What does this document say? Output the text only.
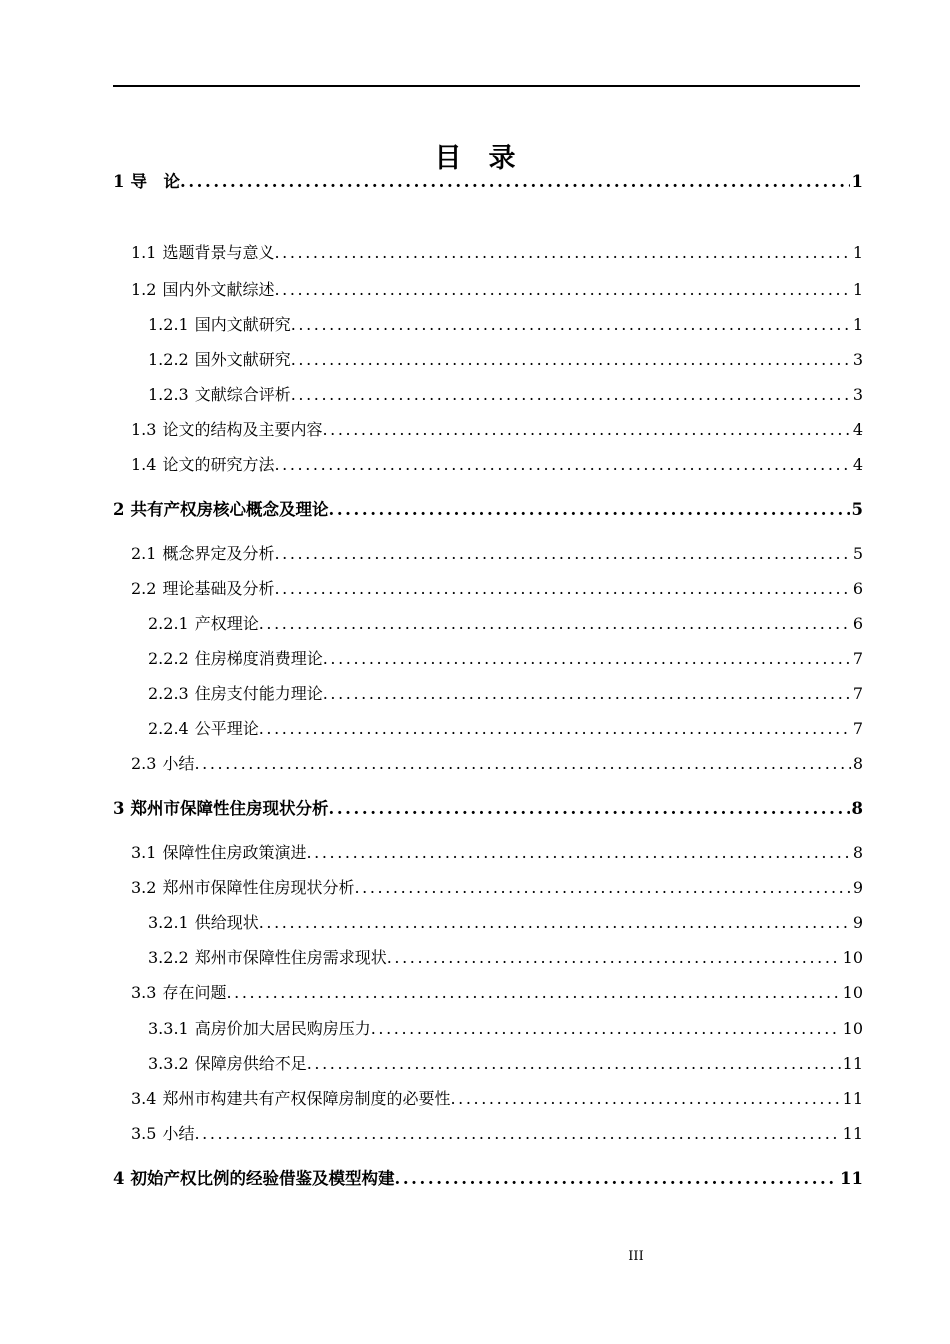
目　录
1 导　论 .....	1
1.1 选题背景与意义 .....	1
1.2 国内外文献综述 .....	1
1.2.1 国内文献研究 .....	1
1.2.2 国外文献研究 .....	3
1.2.3 文献综合评析 .....	3
1.3 论文的结构及主要内容 .....	4
1.4 论文的研究方法 .....	4
2 共有产权房核心概念及理论 .....	5
2.1 概念界定及分析 .....	5
2.2 理论基础及分析 .....	6
2.2.1 产权理论 .....	6
2.2.2 住房梯度消费理论 .....	7
2.2.3 住房支付能力理论 .....	7
2.2.4 公平理论 .....	7
2.3 小结 .....	8
3 郑州市保障性住房现状分析 .....	8
3.1 保障性住房政策演进 .....	8
3.2 郑州市保障性住房现状分析 .....	9
3.2.1 供给现状 .....	9
3.2.2 郑州市保障性住房需求现状 .....	10
3.3 存在问题 .....	10
3.3.1 高房价加大居民购房压力 .....	10
3.3.2 保障房供给不足 .....	11
3.4 郑州市构建共有产权保障房制度的必要性 .....	11
3.5 小结 .....	11
4 初始产权比例的经验借鉴及模型构建 .....	11
III
